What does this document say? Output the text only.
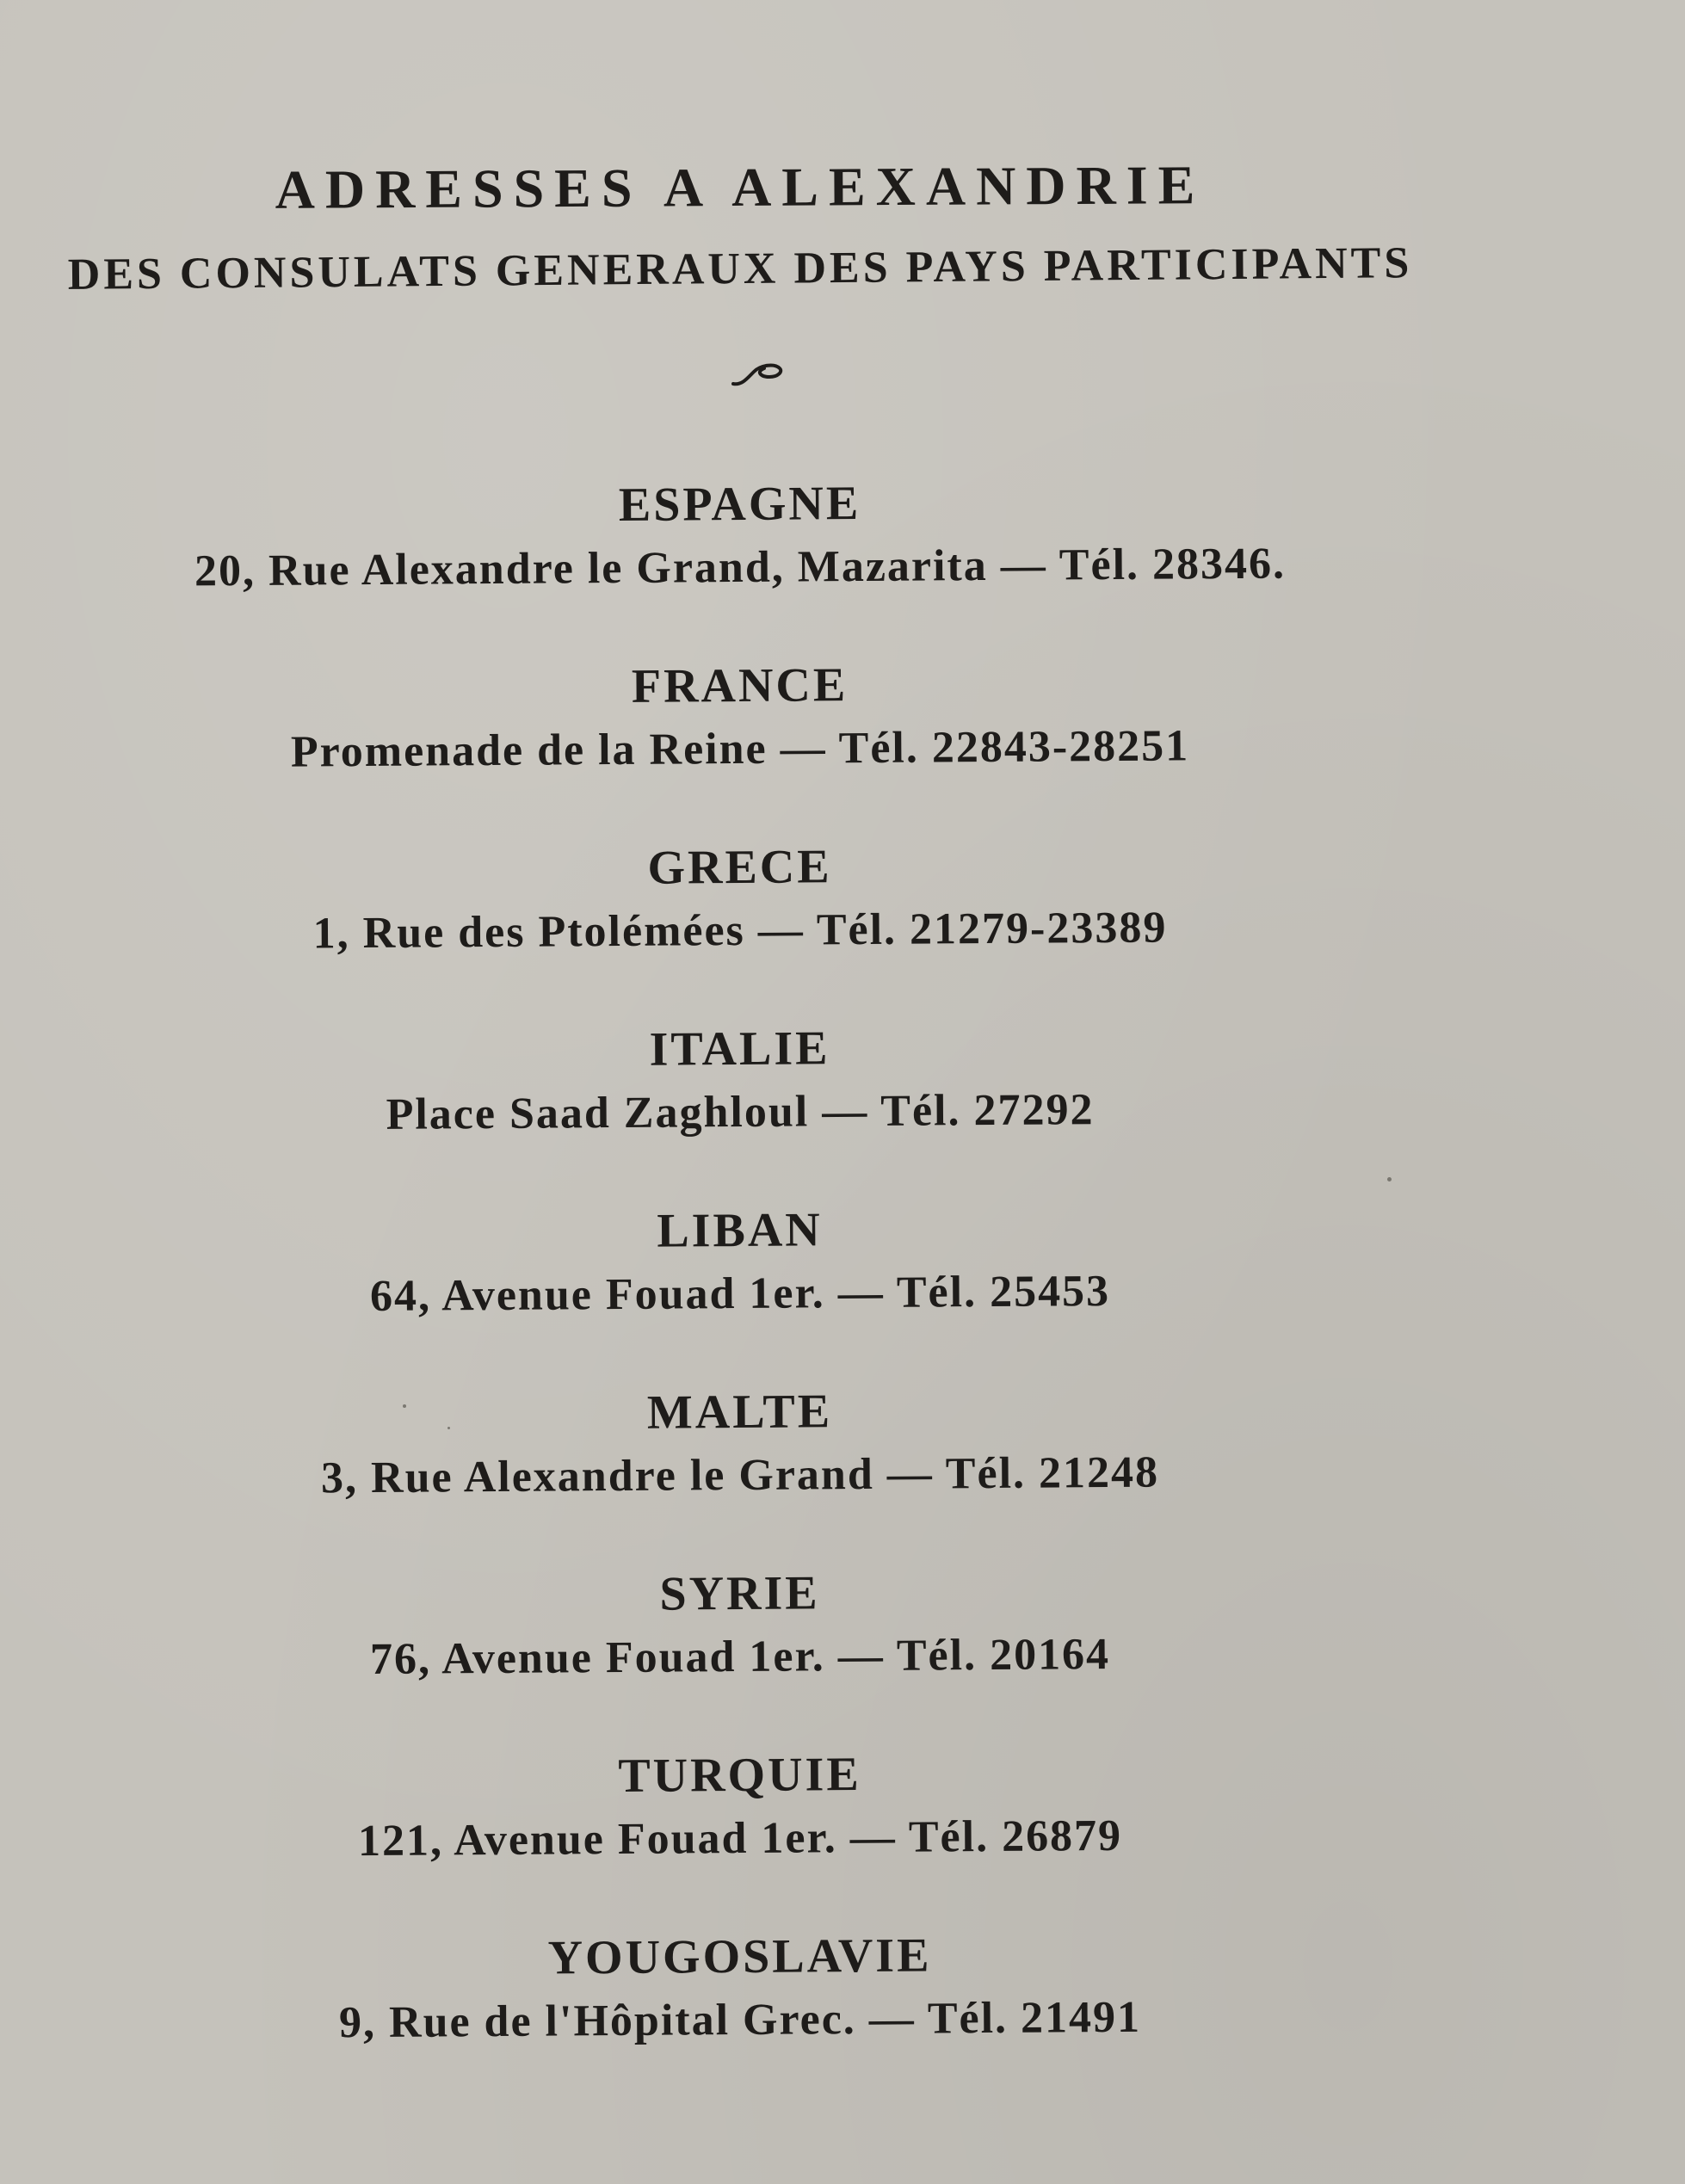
ADRESSES A ALEXANDRIE
DES CONSULATS GENERAUX DES PAYS PARTICIPANTS
ESPAGNE
20, Rue Alexandre le Grand, Mazarita — Tél. 28346.
FRANCE
Promenade de la Reine — Tél. 22843-28251
GRECE
1, Rue des Ptolémées — Tél. 21279-23389
ITALIE
Place Saad Zaghloul — Tél. 27292
LIBAN
64, Avenue Fouad 1er. — Tél. 25453
MALTE
3, Rue Alexandre le Grand — Tél. 21248
SYRIE
76, Avenue Fouad 1er. — Tél. 20164
TURQUIE
121, Avenue Fouad 1er. — Tél. 26879
YOUGOSLAVIE
9, Rue de l'Hôpital Grec. — Tél. 21491
